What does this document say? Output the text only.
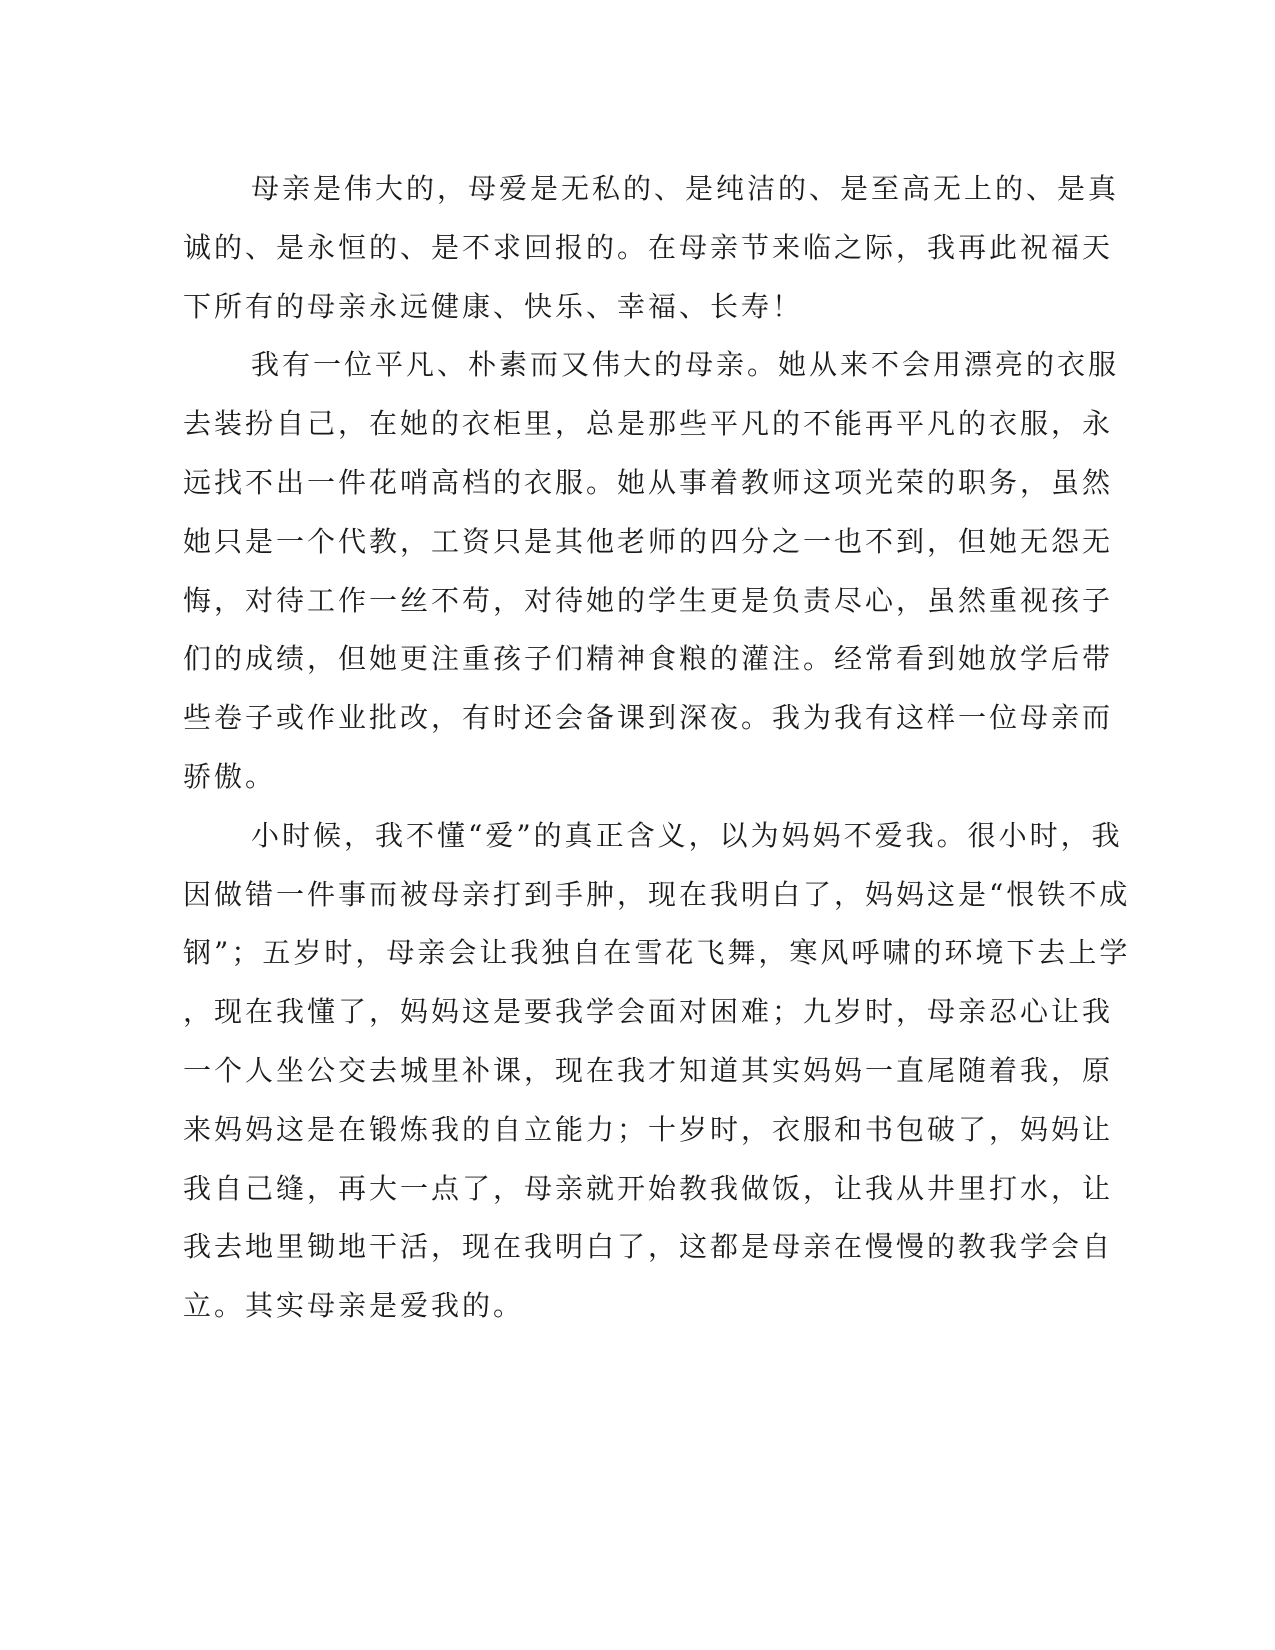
母亲是伟大的，母爱是无私的、是纯洁的、是至高无上的、是真
诚的、是永恒的、是不求回报的。在母亲节来临之际，我再此祝福天
下所有的母亲永远健康、快乐、幸福、长寿！
我有一位平凡、朴素而又伟大的母亲。她从来不会用漂亮的衣服
去装扮自己，在她的衣柜里，总是那些平凡的不能再平凡的衣服，永
远找不出一件花哨高档的衣服。她从事着教师这项光荣的职务，虽然
她只是一个代教，工资只是其他老师的四分之一也不到，但她无怨无
悔，对待工作一丝不苟，对待她的学生更是负责尽心，虽然重视孩子
们的成绩，但她更注重孩子们精神食粮的灌注。经常看到她放学后带
些卷子或作业批改，有时还会备课到深夜。我为我有这样一位母亲而
骄傲。
小时候，我不懂“爱”的真正含义，以为妈妈不爱我。很小时，我
因做错一件事而被母亲打到手肿，现在我明白了，妈妈这是“恨铁不成
钢”；五岁时，母亲会让我独自在雪花飞舞，寒风呼啸的环境下去上学
，现在我懂了，妈妈这是要我学会面对困难；九岁时，母亲忍心让我
一个人坐公交去城里补课，现在我才知道其实妈妈一直尾随着我，原
来妈妈这是在锻炼我的自立能力；十岁时，衣服和书包破了，妈妈让
我自己缝，再大一点了，母亲就开始教我做饭，让我从井里打水，让
我去地里锄地干活，现在我明白了，这都是母亲在慢慢的教我学会自
立。其实母亲是爱我的。
